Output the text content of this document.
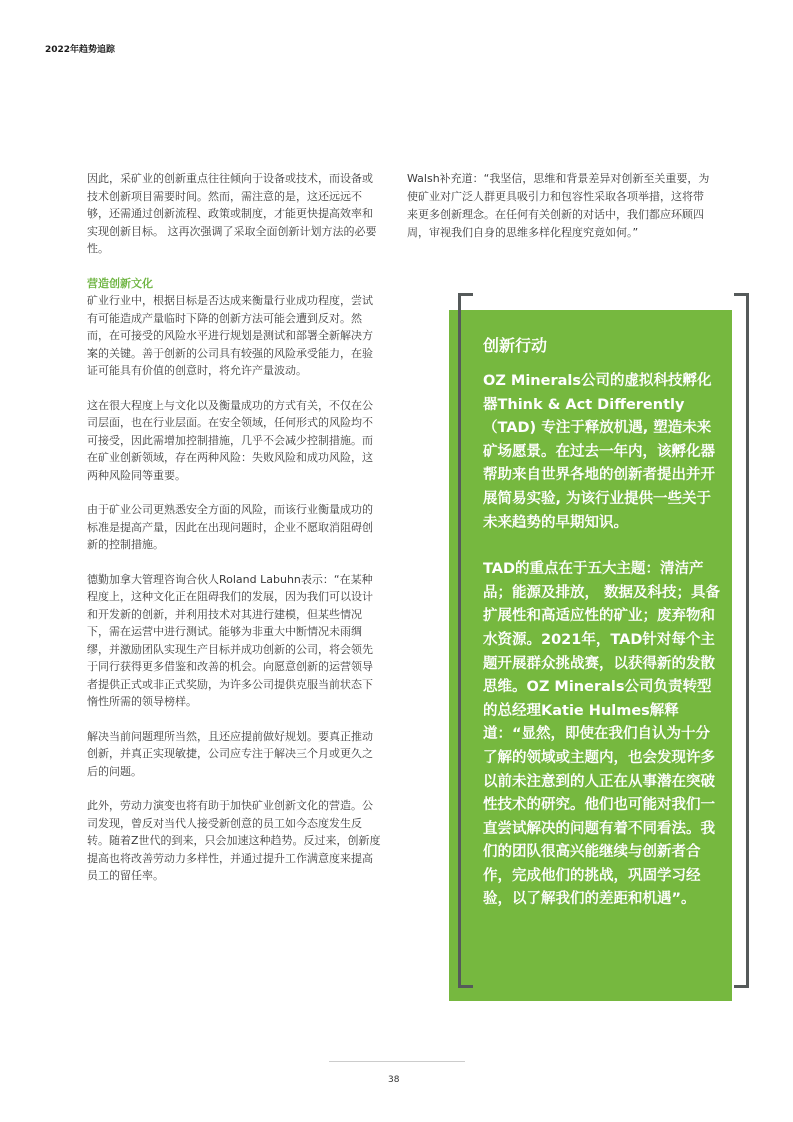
2022年趋势追踪

因此，采矿业的创新重点往往倾向于设备或技术，而设备或技术创新项目需要时间。然而，需注意的是，这还远远不够，还需通过创新流程、政策或制度，才能更快提高效率和实现创新目标。 这再次强调了采取全面创新计划方法的必要性。

营造创新文化

矿业行业中，根据目标是否达成来衡量行业成功程度，尝试有可能造成产量临时下降的创新方法可能会遭到反对。然而，在可接受的风险水平进行规划是测试和部署全新解决方案的关键。善于创新的公司具有较强的风险承受能力，在验证可能具有价值的创意时，将允许产量波动。

这在很大程度上与文化以及衡量成功的方式有关，不仅在公司层面，也在行业层面。在安全领域，任何形式的风险均不可接受，因此需增加控制措施，几乎不会减少控制措施。而在矿业创新领域，存在两种风险：失败风险和成功风险，这两种风险同等重要。

由于矿业公司更熟悉安全方面的风险，而该行业衡量成功的标准是提高产量，因此在出现问题时，企业不愿取消阻碍创新的控制措施。

德勤加拿大管理咨询合伙人Roland Labuhn表示：“在某种程度上，这种文化正在阻碍我们的发展，因为我们可以设计和开发新的创新，并利用技术对其进行建模，但某些情况下，需在运营中进行测试。能够为非重大中断情况未雨绸缪，并激励团队实现生产目标并成功创新的公司，将会领先于同行获得更多借鉴和改善的机会。向愿意创新的运营领导者提供正式或非正式奖励，为许多公司提供克服当前状态下惰性所需的领导榜样。

解决当前问题理所当然，且还应提前做好规划。要真正推动创新，并真正实现敏捷，公司应专注于解决三个月或更久之后的问题。

此外，劳动力演变也将有助于加快矿业创新文化的营造。公司发现，曾反对当代人接受新创意的员工如今态度发生反转。随着Z世代的到来，只会加速这种趋势。反过来，创新度提高也将改善劳动力多样性，并通过提升工作满意度来提高员工的留任率。

Walsh补充道：“我坚信，思维和背景差异对创新至关重要，为使矿业对广泛人群更具吸引力和包容性采取各项举措，这将带来更多创新理念。在任何有关创新的对话中，我们都应环顾四周，审视我们自身的思维多样化程度究竟如何。”

创新行动

OZ Minerals公司的虚拟科技孵化器Think & Act Differently（TAD) 专注于释放机遇, 塑造未来矿场愿景。在过去一年内，该孵化器帮助来自世界各地的创新者提出并开展简易实验, 为该行业提供一些关于未来趋势的早期知识。

TAD的重点在于五大主题：清洁产品；能源及排放， 数据及科技；具备扩展性和高适应性的矿业；废弃物和水资源。2021年，TAD针对每个主题开展群众挑战赛，以获得新的发散思维。OZ Minerals公司负责转型的总经理Katie Hulmes解释道：“显然，即使在我们自认为十分了解的领域或主题内，也会发现许多以前未注意到的人正在从事潜在突破性技术的研究。他们也可能对我们一直尝试解决的问题有着不同看法。我们的团队很高兴能继续与创新者合作，完成他们的挑战，巩固学习经验，以了解我们的差距和机遇”。

38
